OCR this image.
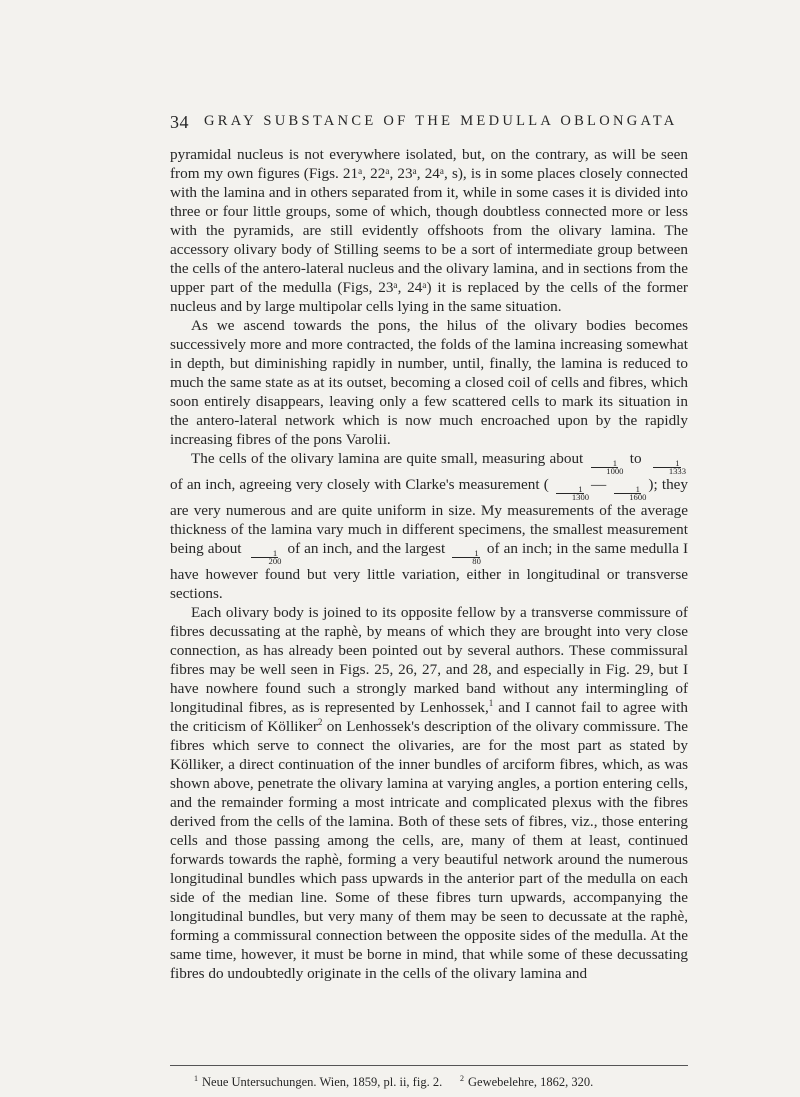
34 GRAY SUBSTANCE OF THE MEDULLA OBLONGATA

pyramidal nucleus is not everywhere isolated, but, on the contrary, as will be seen from my own figures (Figs. 21ᵃ, 22ᵃ, 23ᵃ, 24ᵃ, s), is in some places closely connected with the lamina and in others separated from it, while in some cases it is divided into three or four little groups, some of which, though doubtless connected more or less with the pyramids, are still evidently offshoots from the olivary lamina. The accessory olivary body of Stilling seems to be a sort of intermediate group between the cells of the antero-lateral nucleus and the olivary lamina, and in sections from the upper part of the medulla (Figs, 23ᵃ, 24ᵃ) it is replaced by the cells of the former nucleus and by large multipolar cells lying in the same situation.

As we ascend towards the pons, the hilus of the olivary bodies becomes successively more and more contracted, the folds of the lamina increasing somewhat in depth, but diminishing rapidly in number, until, finally, the lamina is reduced to much the same state as at its outset, becoming a closed coil of cells and fibres, which soon entirely disappears, leaving only a few scattered cells to mark its situation in the antero-lateral network which is now much encroached upon by the rapidly increasing fibres of the pons Varolii.

The cells of the olivary lamina are quite small, measuring about
$\frac{1}{1000}$
to
$\frac{1}{1333}$
of an inch, agreeing very closely with Clarke's measurement (
$\frac{1}{1300}$
—
$\frac{1}{1600}$
); they are very numerous and are quite uniform in size. My measurements of the average thickness of the lamina vary much in different specimens, the smallest measurement being about
$\frac{1}{200}$
of an inch, and the largest
$\frac{1}{80}$
of an inch; in the same medulla I have however found but very little variation, either in longitudinal or transverse sections.

Each olivary body is joined to its opposite fellow by a transverse commissure of fibres decussating at the raphè, by means of which they are brought into very close connection, as has already been pointed out by several authors. These commissural fibres may be well seen in Figs. 25, 26, 27, and 28, and especially in Fig. 29, but I have nowhere found such a strongly marked band without any intermingling of longitudinal fibres, as is represented by Lenhossek,$^1$ and I cannot fail to agree with the criticism of Kölliker$^2$ on Lenhossek's description of the olivary commissure. The fibres which serve to connect the olivaries, are for the most part as stated by Kölliker, a direct continuation of the inner bundles of arciform fibres, which, as was shown above, penetrate the olivary lamina at varying angles, a portion entering cells, and the remainder forming a most intricate and complicated plexus with the fibres derived from the cells of the lamina. Both of these sets of fibres, viz., those entering cells and those passing among the cells, are, many of them at least, continued forwards towards the raphè, forming a very beautiful network around the numerous longitudinal bundles which pass upwards in the anterior part of the medulla on each side of the median line. Some of these fibres turn upwards, accompanying the longitudinal bundles, but very many of them may be seen to decussate at the raphè, forming a commissural connection between the opposite sides of the medulla. At the same time, however, it must be borne in mind, that while some of these decussating fibres do undoubtedly originate in the cells of the olivary lamina and

$^1$ Neue Untersuchungen. Wien, 1859, pl. ii, fig. 2. $^2$ Gewebelehre, 1862, 320.
